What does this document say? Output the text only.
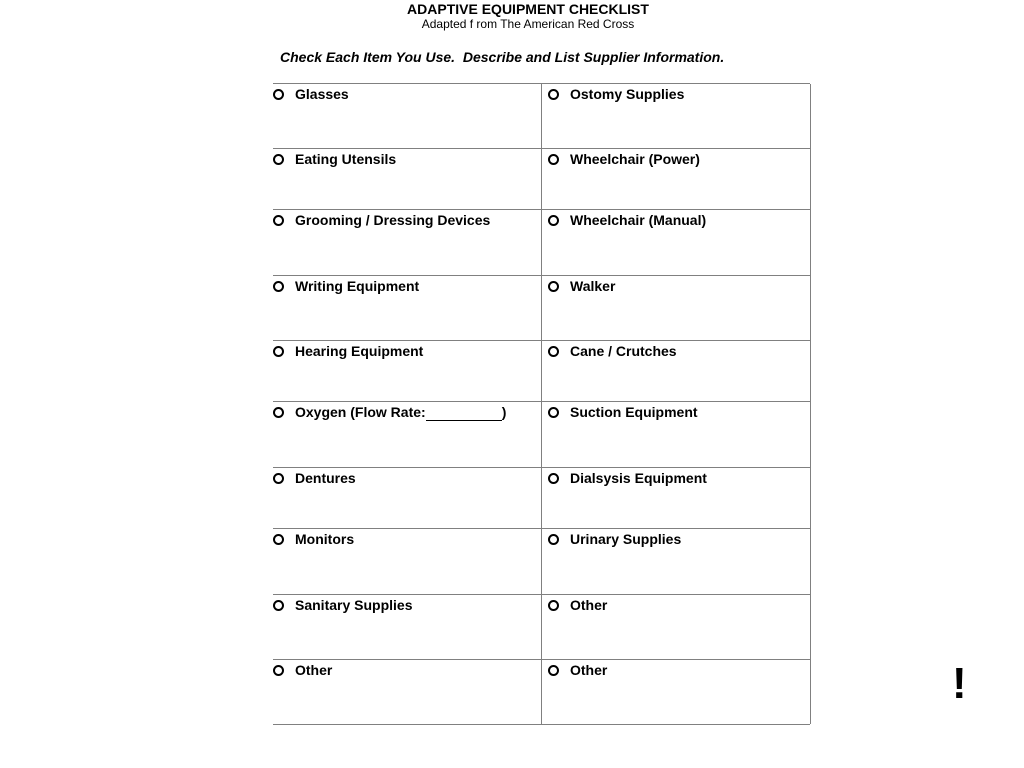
ADAPTIVE EQUIPMENT CHECKLIST
Adapted f rom The American Red Cross
Check Each Item You Use.  Describe and List Supplier Information.
Glasses	Ostomy Supplies
Eating Utensils	Wheelchair (Power)
Grooming / Dressing Devices	Wheelchair (Manual)
Writing Equipment	Walker
Hearing Equipment	Cane / Crutches
Oxygen (Flow Rate:	)	Suction Equipment
Dentures	Dialsysis Equipment
Monitors	Urinary Supplies
Sanitary Supplies	Other
Other	Other	!
